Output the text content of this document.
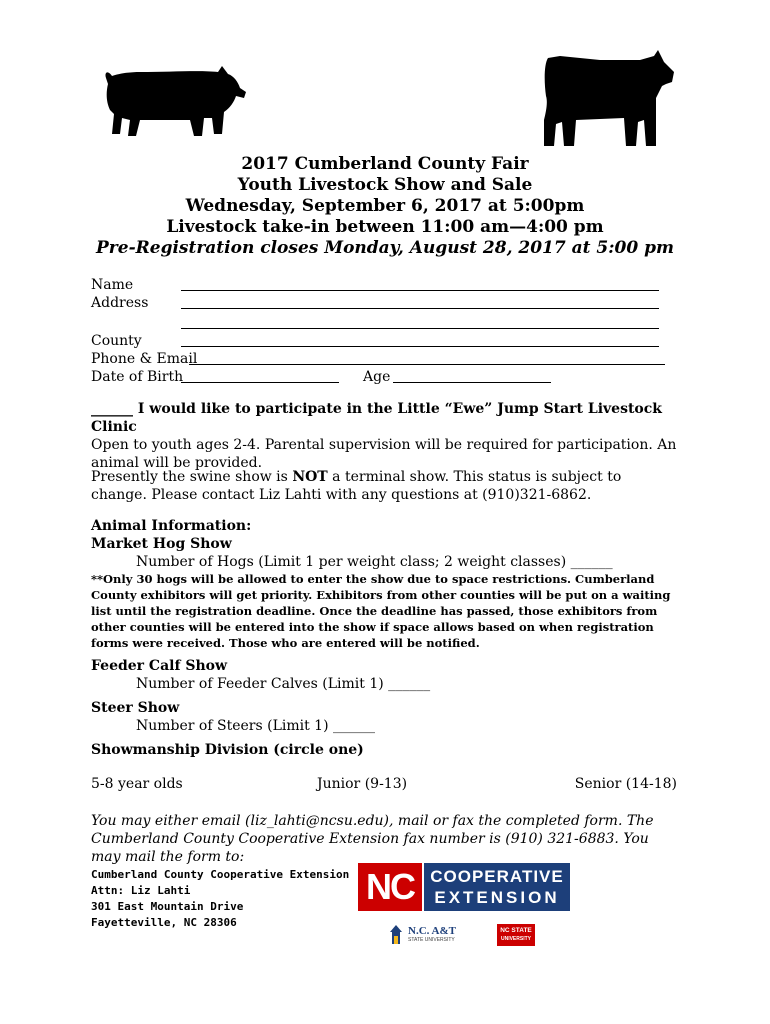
2017 Cumberland County Fair
Youth Livestock Show and Sale
Wednesday, September 6, 2017 at 5:00pm
Livestock take-in between 11:00 am—4:00 pm
Pre-Registration closes Monday, August 28, 2017 at 5:00 pm
Name
Address
County
Phone & Email
Date of Birth	Age
______ I would like to participate in the Little “Ewe” Jump Start Livestock Clinic
Open to youth ages 2-4. Parental supervision will be required for participation. An animal will be provided.
Presently the swine show is NOT a terminal show. This status is subject to change. Please contact Liz Lahti with any questions at (910)321-6862.
Animal Information:
Market Hog Show
Number of Hogs (Limit 1 per weight class; 2 weight classes) ______
**Only 30 hogs will be allowed to enter the show due to space restrictions. Cumberland County exhibitors will get priority. Exhibitors from other counties will be put on a waiting list until the registration deadline. Once the deadline has passed, those exhibitors from other counties will be entered into the show if space allows based on when registration forms were received. Those who are entered will be notified.
Feeder Calf Show
Number of Feeder Calves (Limit 1) ______
Steer Show
Number of Steers (Limit 1) ______
Showmanship Division (circle one)
5-8 year olds	Junior (9-13)	Senior (14-18)
You may either email (liz_lahti@ncsu.edu), mail or fax the completed form. The Cumberland County Cooperative Extension fax number is (910) 321-6883. You may mail the form to:
Cumberland County Cooperative Extension
Attn: Liz Lahti
301 East Mountain Drive
Fayetteville, NC 28306
NC COOPERATIVE
EXTENSION
N.C. A&T
STATE UNIVERSITY
NC STATE
UNIVERSITY
